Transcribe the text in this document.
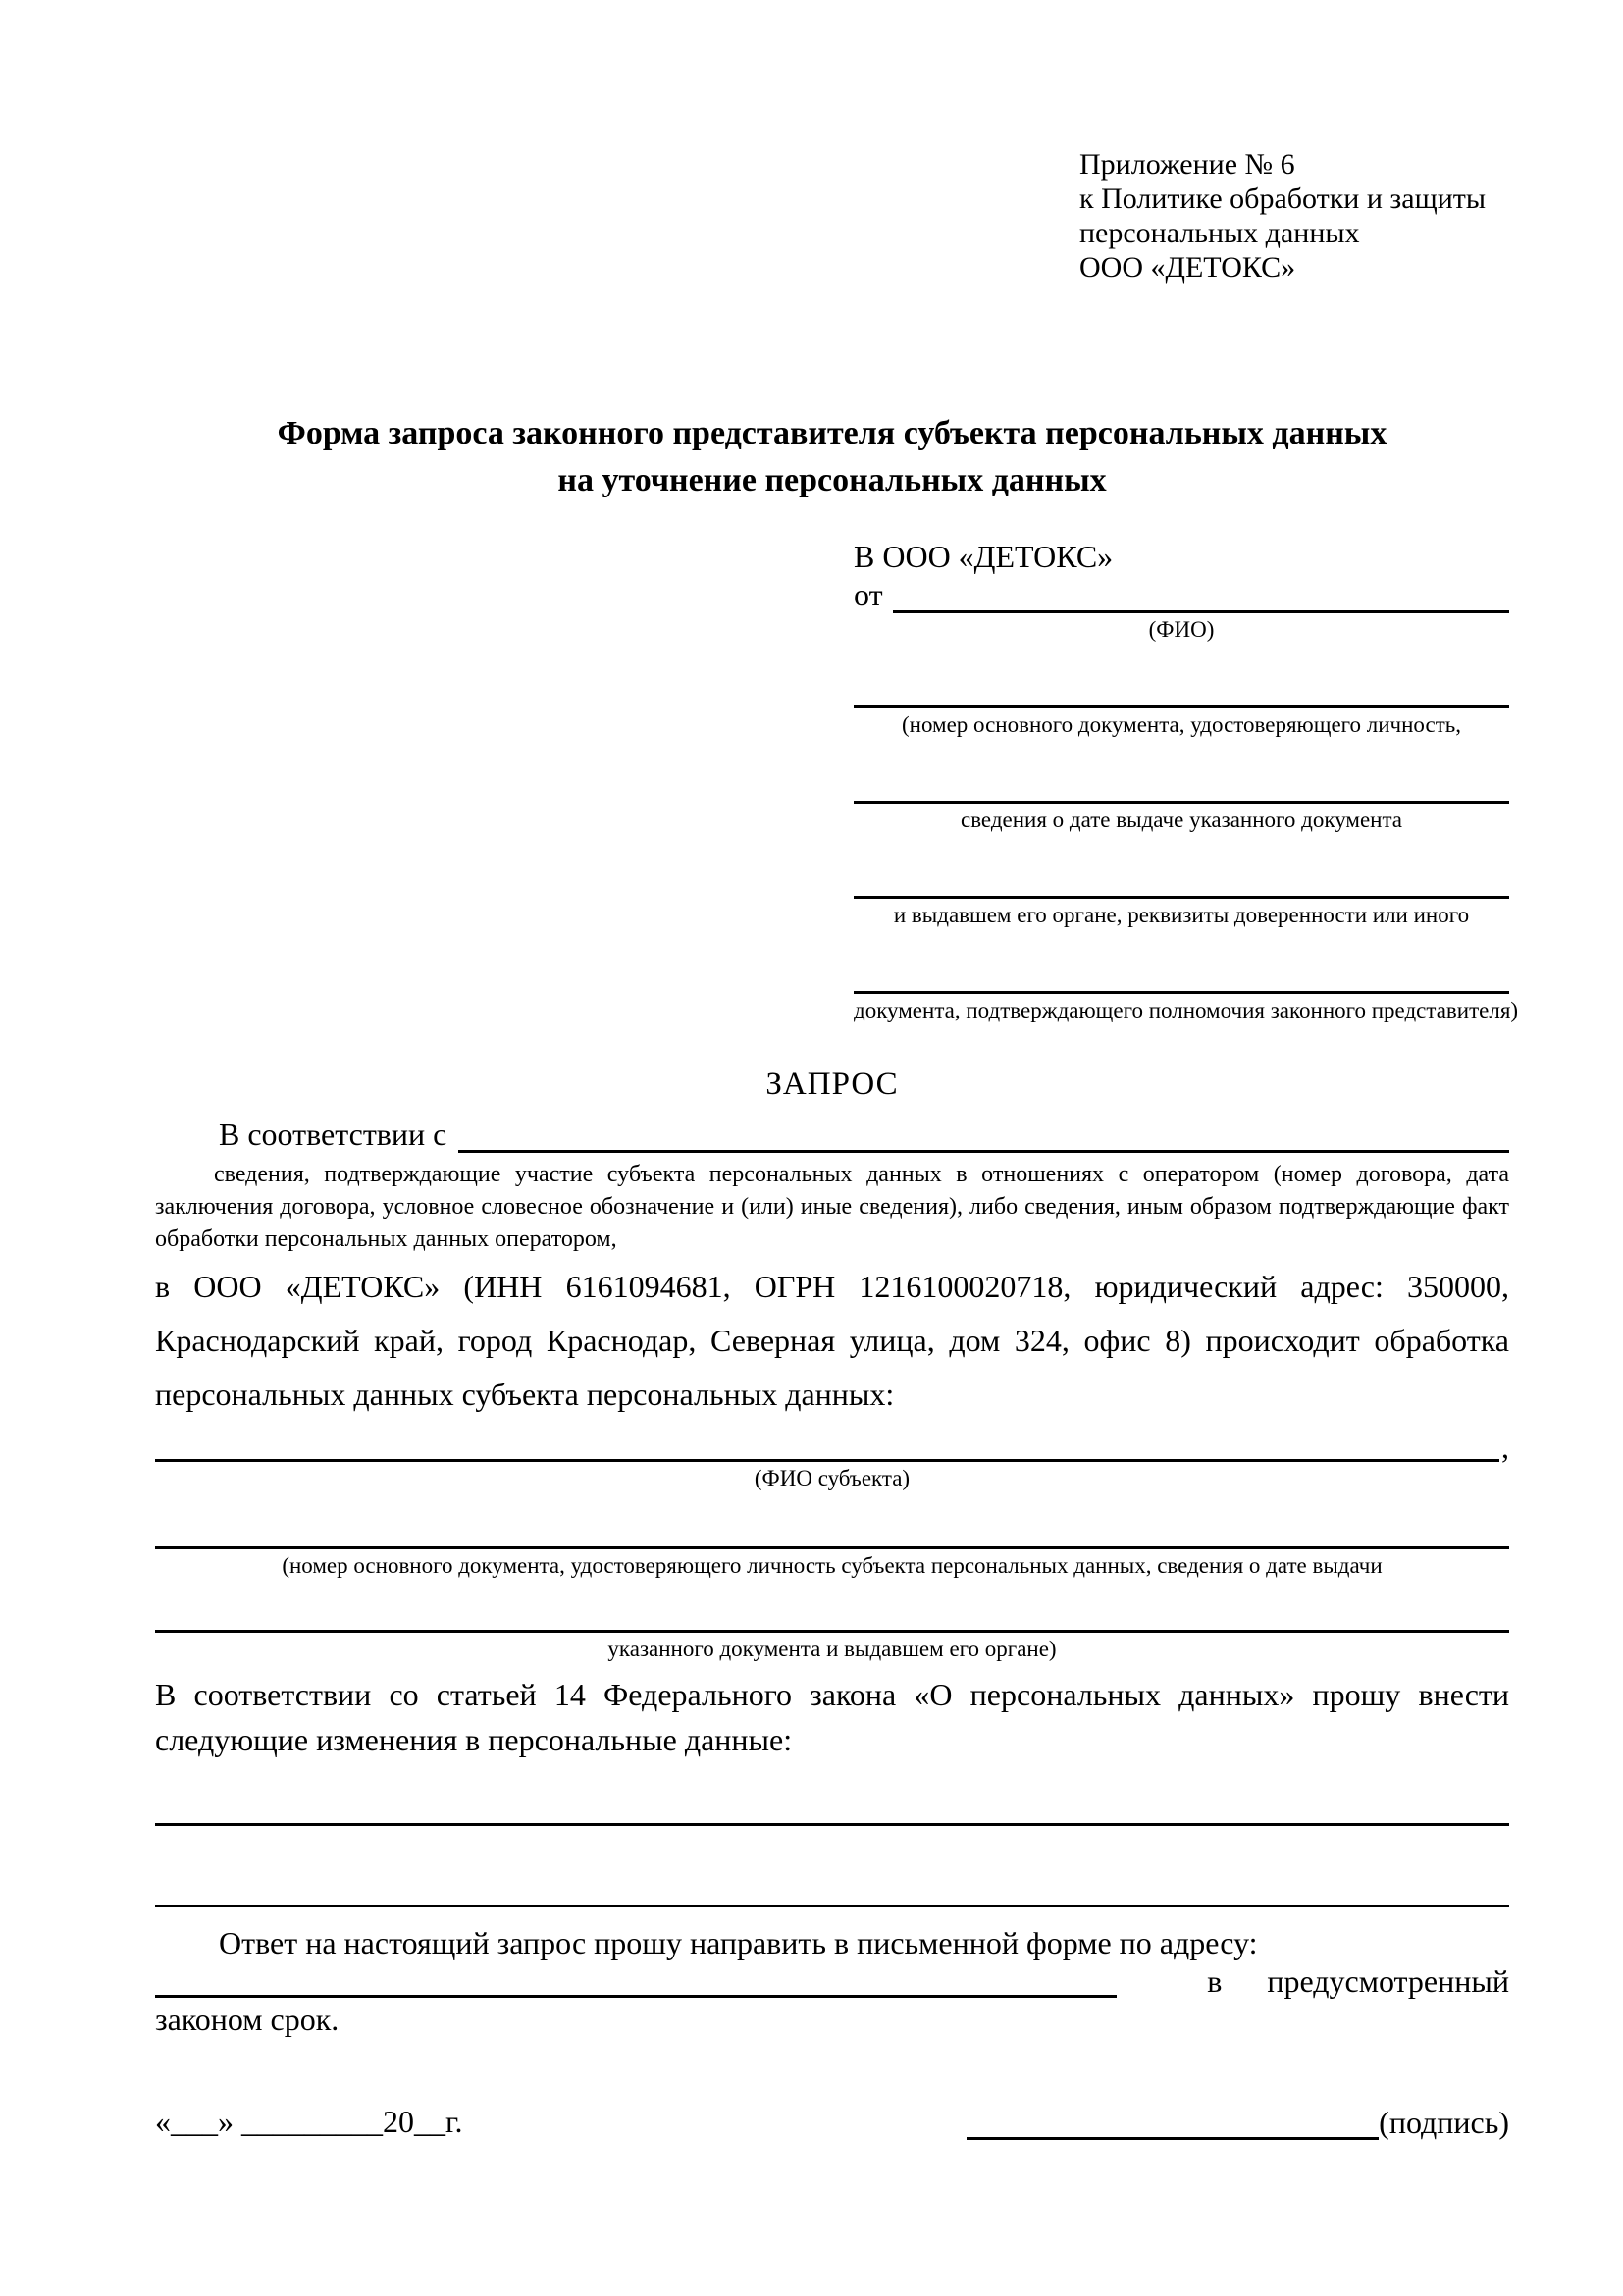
Приложение № 6
к Политике обработки и защиты
персональных данных
ООО «ДЕТОКС»
Форма запроса законного представителя субъекта персональных данных
на уточнение персональных данных
В ООО «ДЕТОКС»
от
(ФИО)
(номер основного документа, удостоверяющего личность,
сведения о дате выдаче указанного документа
и выдавшем его органе, реквизиты доверенности или иного
документа, подтверждающего полномочия законного представителя)
ЗАПРОС
В соответствии с
сведения, подтверждающие участие субъекта персональных данных в отношениях с оператором (номер договора, дата заключения договора, условное словесное обозначение и (или) иные сведения), либо сведения, иным образом подтверждающие факт обработки персональных данных оператором,
в ООО «ДЕТОКС» (ИНН 6161094681, ОГРН 1216100020718, юридический адрес: 350000, Краснодарский край, город Краснодар, Северная улица, дом 324, офис 8) происходит обработка персональных данных субъекта персональных данных:
,
(ФИО субъекта)
(номер основного документа, удостоверяющего личность субъекта персональных данных, сведения о дате выдачи
указанного документа и выдавшем его органе)
В соответствии со статьей 14 Федерального закона «О персональных данных» прошу внести следующие изменения в персональные данные:
Ответ на настоящий запрос прошу направить в письменной форме по адресу:
в предусмотренный
законом срок.
«___» _________20__г.	(подпись)
